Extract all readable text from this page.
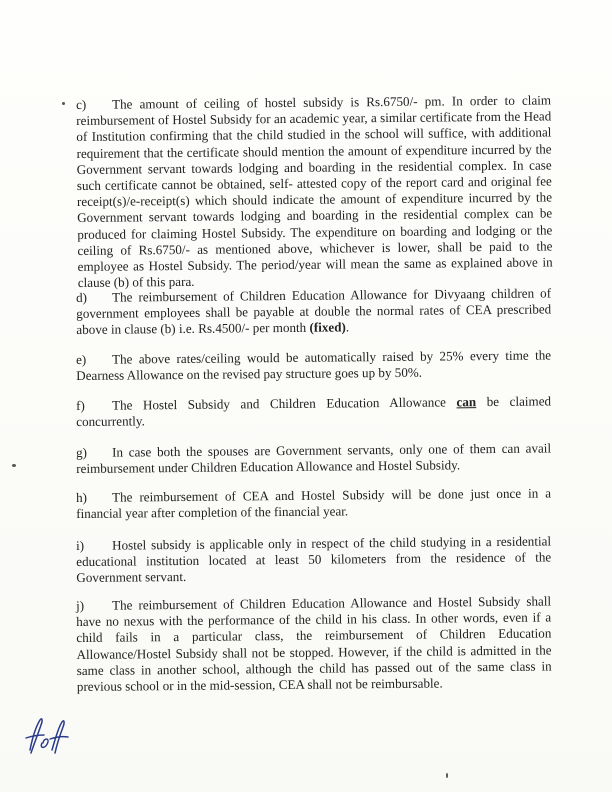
c) The amount of ceiling of hostel subsidy is Rs.6750/- pm. In order to claim reimbursement of Hostel Subsidy for an academic year, a similar certificate from the Head of Institution confirming that the child studied in the school will suffice, with additional requirement that the certificate should mention the amount of expenditure incurred by the Government servant towards lodging and boarding in the residential complex. In case such certificate cannot be obtained, self- attested copy of the report card and original fee receipt(s)/e-receipt(s) which should indicate the amount of expenditure incurred by the Government servant towards lodging and boarding in the residential complex can be produced for claiming Hostel Subsidy. The expenditure on boarding and lodging or the ceiling of Rs.6750/- as mentioned above, whichever is lower, shall be paid to the employee as Hostel Subsidy. The period/year will mean the same as explained above in clause (b) of this para.
d) The reimbursement of Children Education Allowance for Divyaang children of government employees shall be payable at double the normal rates of CEA prescribed above in clause (b) i.e. Rs.4500/- per month (fixed).
e) The above rates/ceiling would be automatically raised by 25% every time the Dearness Allowance on the revised pay structure goes up by 50%.
f) The Hostel Subsidy and Children Education Allowance can be claimed concurrently.
g) In case both the spouses are Government servants, only one of them can avail reimbursement under Children Education Allowance and Hostel Subsidy.
h) The reimbursement of CEA and Hostel Subsidy will be done just once in a financial year after completion of the financial year.
i) Hostel subsidy is applicable only in respect of the child studying in a residential educational institution located at least 50 kilometers from the residence of the Government servant.
j) The reimbursement of Children Education Allowance and Hostel Subsidy shall have no nexus with the performance of the child in his class. In other words, even if a child fails in a particular class, the reimbursement of Children Education Allowance/Hostel Subsidy shall not be stopped. However, if the child is admitted in the same class in another school, although the child has passed out of the same class in previous school or in the mid-session, CEA shall not be reimbursable.
